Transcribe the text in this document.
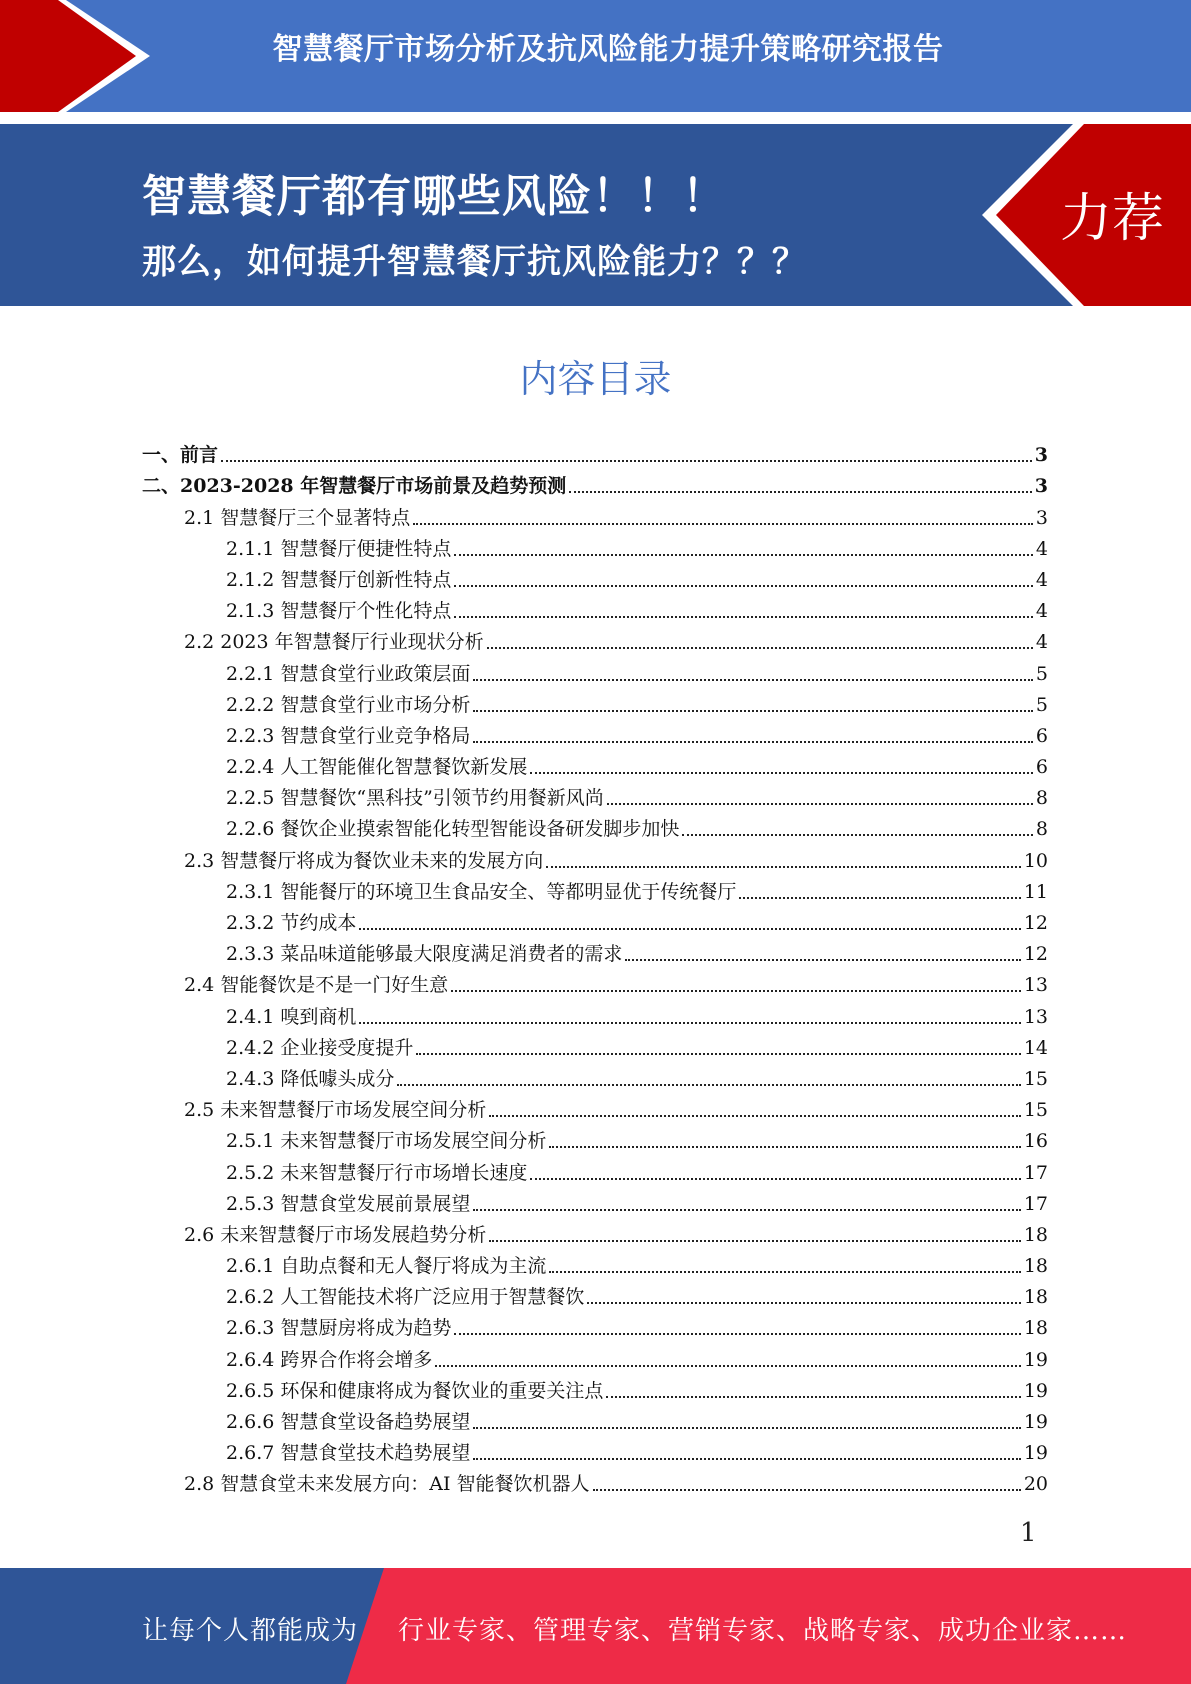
智慧餐厅市场分析及抗风险能力提升策略研究报告
智慧餐厅都有哪些风险！！！
那么，如何提升智慧餐厅抗风险能力？？？
力荐
内容目录
一、前言	3
二、2023-2028 年智慧餐厅市场前景及趋势预测	3
2.1 智慧餐厅三个显著特点	3
2.1.1 智慧餐厅便捷性特点	4
2.1.2 智慧餐厅创新性特点	4
2.1.3 智慧餐厅个性化特点	4
2.2 2023 年智慧餐厅行业现状分析	4
2.2.1 智慧食堂行业政策层面	5
2.2.2 智慧食堂行业市场分析	5
2.2.3 智慧食堂行业竞争格局	6
2.2.4 人工智能催化智慧餐饮新发展	6
2.2.5 智慧餐饮“黑科技”引领节约用餐新风尚	8
2.2.6 餐饮企业摸索智能化转型智能设备研发脚步加快	8
2.3 智慧餐厅将成为餐饮业未来的发展方向	10
2.3.1 智能餐厅的环境卫生食品安全、等都明显优于传统餐厅	11
2.3.2 节约成本	12
2.3.3 菜品味道能够最大限度满足消费者的需求	12
2.4 智能餐饮是不是一门好生意	13
2.4.1 嗅到商机	13
2.4.2 企业接受度提升	14
2.4.3 降低噱头成分	15
2.5 未来智慧餐厅市场发展空间分析	15
2.5.1 未来智慧餐厅市场发展空间分析	16
2.5.2 未来智慧餐厅行市场增长速度	17
2.5.3 智慧食堂发展前景展望	17
2.6 未来智慧餐厅市场发展趋势分析	18
2.6.1 自助点餐和无人餐厅将成为主流	18
2.6.2 人工智能技术将广泛应用于智慧餐饮	18
2.6.3 智慧厨房将成为趋势	18
2.6.4 跨界合作将会增多	19
2.6.5 环保和健康将成为餐饮业的重要关注点	19
2.6.6 智慧食堂设备趋势展望	19
2.6.7 智慧食堂技术趋势展望	19
2.8 智慧食堂未来发展方向：AI 智能餐饮机器人	20
1
让每个人都能成为 行业专家、管理专家、营销专家、战略专家、成功企业家……
